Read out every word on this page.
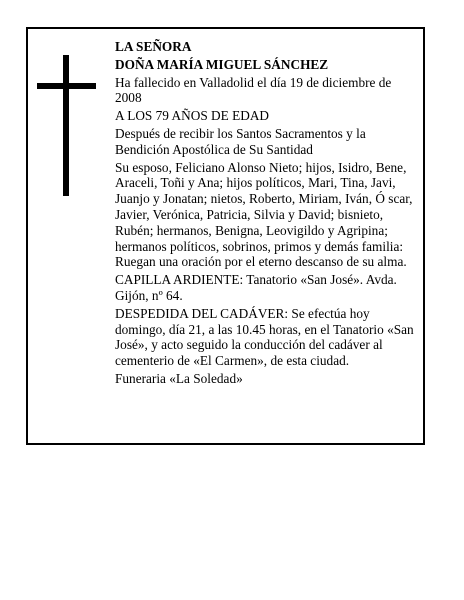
LA SEÑORA

DOÑA MARÍA MIGUEL SÁNCHEZ

Ha fallecido en Valladolid el día 19 de diciembre de 2008

A LOS 79 AÑOS DE EDAD

Después de recibir los Santos Sacramentos y la Bendición Apostólica de Su Santidad

Su esposo, Feliciano Alonso Nieto; hijos, Isidro, Bene, Araceli, Toñi y Ana; hijos políticos, Mari, Tina, Javi, Juanjo y Jonatan; nietos, Roberto, Miriam, Iván, Ó scar, Javier, Verónica, Patricia, Silvia y David; bisnieto, Rubén; hermanos, Benigna, Leovigildo y Agripina; hermanos políticos, sobrinos, primos y demás familia: Ruegan una oración por el eterno descanso de su alma.

CAPILLA ARDIENTE: Tanatorio «San José». Avda. Gijón, nº 64.

DESPEDIDA DEL CADÁVER: Se efectúa hoy domingo, día 21, a las 10.45 horas, en el Tanatorio «San José», y acto seguido la conducción del cadáver al cementerio de «El Carmen», de esta ciudad.

Funeraria «La Soledad»
